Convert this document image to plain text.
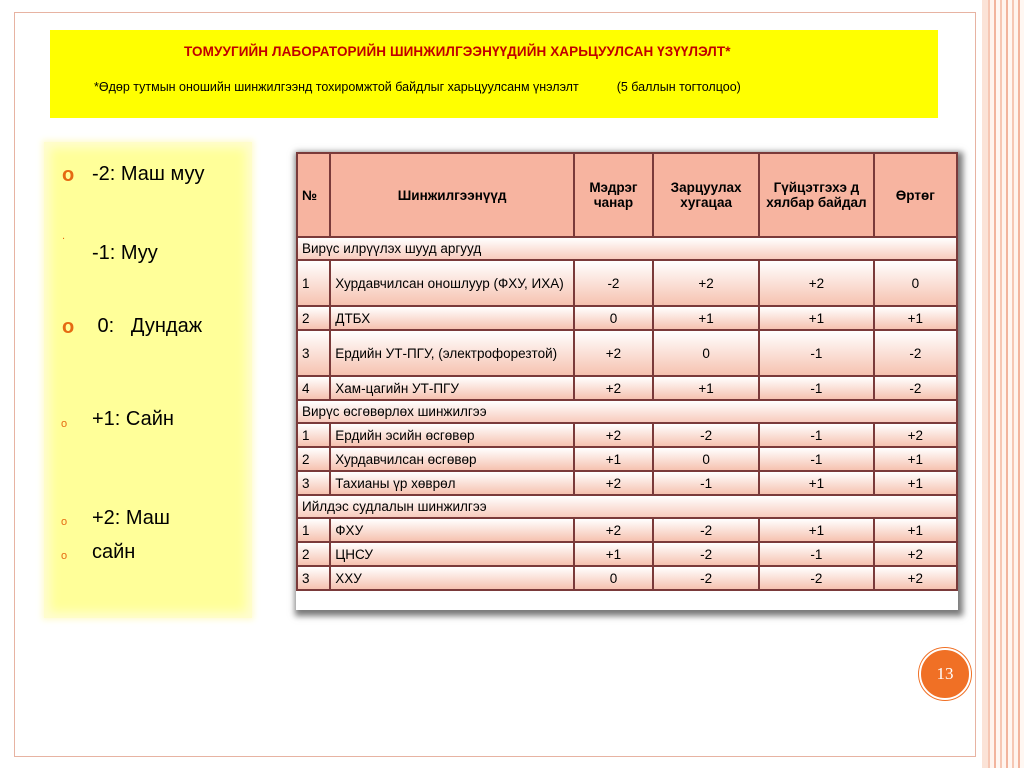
ТОМУУГИЙН ЛАБОРАТОРИЙН ШИНЖИЛГЭЭНҮҮДИЙН ХАРЬЦУУЛСАН ҮЗҮҮЛЭЛТ*
*Өдөр тутмын оношийн шинжилгээнд тохиромжтой байдлыг харьцуулсанм үнэлэлт	(5 баллын тогтолцоо)
o -2: Маш муу
.
-1: Муу
o 0:   Дундаж
o +1: Сайн
o +2: Маш
o сайн
№	Шинжилгээнүүд	Мэдрэг чанар	Зарцуулах хугацаа	Гүйцэтгэхэ д хялбар байдал	Өртөг
Вирүс илрүүлэх шууд аргууд					
1	Хурдавчилсан оношлуур (ФХУ, ИХА)	-2	+2	+2	0
2	ДТБХ	0	+1	+1	+1
3	Ердийн УТ-ПГУ, (электрофорезтой)	+2	0	-1	-2
4	Хам-цагийн УТ-ПГУ	+2	+1	-1	-2
Вирүс өсгөвөрлөх шинжилгээ					
1	Ердийн эсийн өсгөвөр	+2	-2	-1	+2
2	Хурдавчилсан өсгөвөр	+1	0	-1	+1
3	Тахианы үр хөврөл	+2	-1	+1	+1
Ийлдэс судлалын шинжилгээ					
1	ФХУ	+2	-2	+1	+1
2	ЦНСУ	+1	-2	-1	+2
3	ХХУ	0	-2	-2	+2
13
